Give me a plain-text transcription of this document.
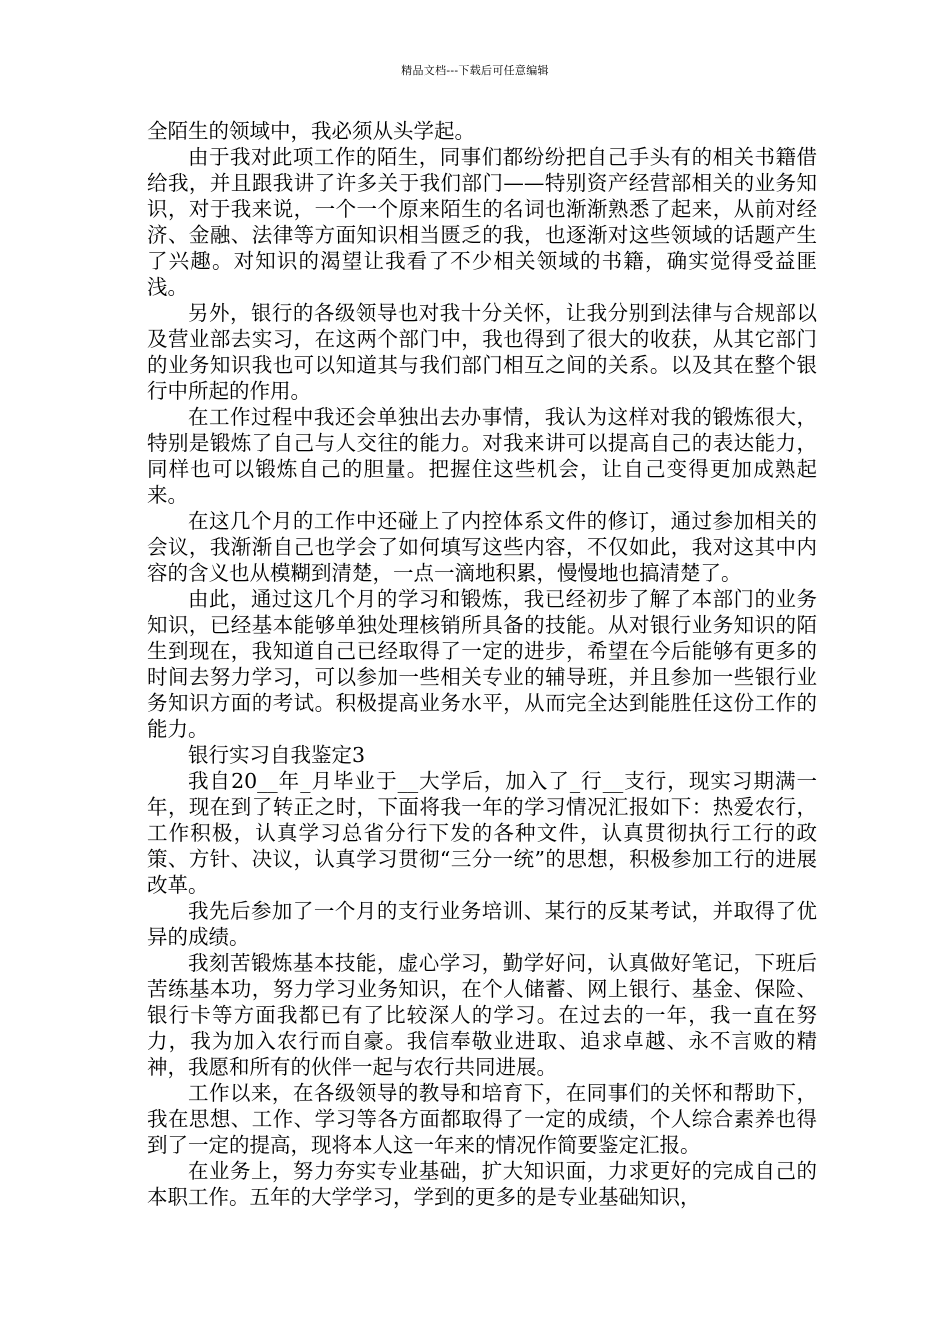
精品文档---下载后可任意编辑

全陌生的领域中，我必须从头学起。

由于我对此项工作的陌生，同事们都纷纷把自己手头有的相关书籍借给我，并且跟我讲了许多关于我们部门——特别资产经营部相关的业务知识，对于我来说，一个一个原来陌生的名词也渐渐熟悉了起来，从前对经济、金融、法律等方面知识相当匮乏的我，也逐渐对这些领域的话题产生了兴趣。对知识的渴望让我看了不少相关领域的书籍，确实觉得受益匪浅。

另外，银行的各级领导也对我十分关怀，让我分别到法律与合规部以及营业部去实习，在这两个部门中，我也得到了很大的收获，从其它部门的业务知识我也可以知道其与我们部门相互之间的关系。以及其在整个银行中所起的作用。

在工作过程中我还会单独出去办事情，我认为这样对我的锻炼很大，特别是锻炼了自己与人交往的能力。对我来讲可以提高自己的表达能力，同样也可以锻炼自己的胆量。把握住这些机会，让自己变得更加成熟起来。

在这几个月的工作中还碰上了内控体系文件的修订，通过参加相关的会议，我渐渐自己也学会了如何填写这些内容，不仅如此，我对这其中内容的含义也从模糊到清楚，一点一滴地积累，慢慢地也搞清楚了。

由此，通过这几个月的学习和锻炼，我已经初步了解了本部门的业务知识，已经基本能够单独处理核销所具备的技能。从对银行业务知识的陌生到现在，我知道自己已经取得了一定的进步，希望在今后能够有更多的时间去努力学习，可以参加一些相关专业的辅导班，并且参加一些银行业务知识方面的考试。积极提高业务水平，从而完全达到能胜任这份工作的能力。

银行实习自我鉴定3

我自20__年_月毕业于__大学后，加入了_行__支行，现实习期满一年，现在到了转正之时，下面将我一年的学习情况汇报如下：热爱农行，工作积极，认真学习总省分行下发的各种文件，认真贯彻执行工行的政策、方针、决议，认真学习贯彻“三分一统”的思想，积极参加工行的进展改革。

我先后参加了一个月的支行业务培训、某行的反某考试，并取得了优异的成绩。

我刻苦锻炼基本技能，虚心学习，勤学好问，认真做好笔记，下班后苦练基本功，努力学习业务知识，在个人储蓄、网上银行、基金、保险、银行卡等方面我都已有了比较深人的学习。在过去的一年，我一直在努力，我为加入农行而自豪。我信奉敬业进取、追求卓越、永不言败的精神，我愿和所有的伙伴一起与农行共同进展。

工作以来，在各级领导的教导和培育下，在同事们的关怀和帮助下，我在思想、工作、学习等各方面都取得了一定的成绩，个人综合素养也得到了一定的提高，现将本人这一年来的情况作简要鉴定汇报。

在业务上，努力夯实专业基础，扩大知识面，力求更好的完成自己的本职工作。五年的大学学习，学到的更多的是专业基础知识，
